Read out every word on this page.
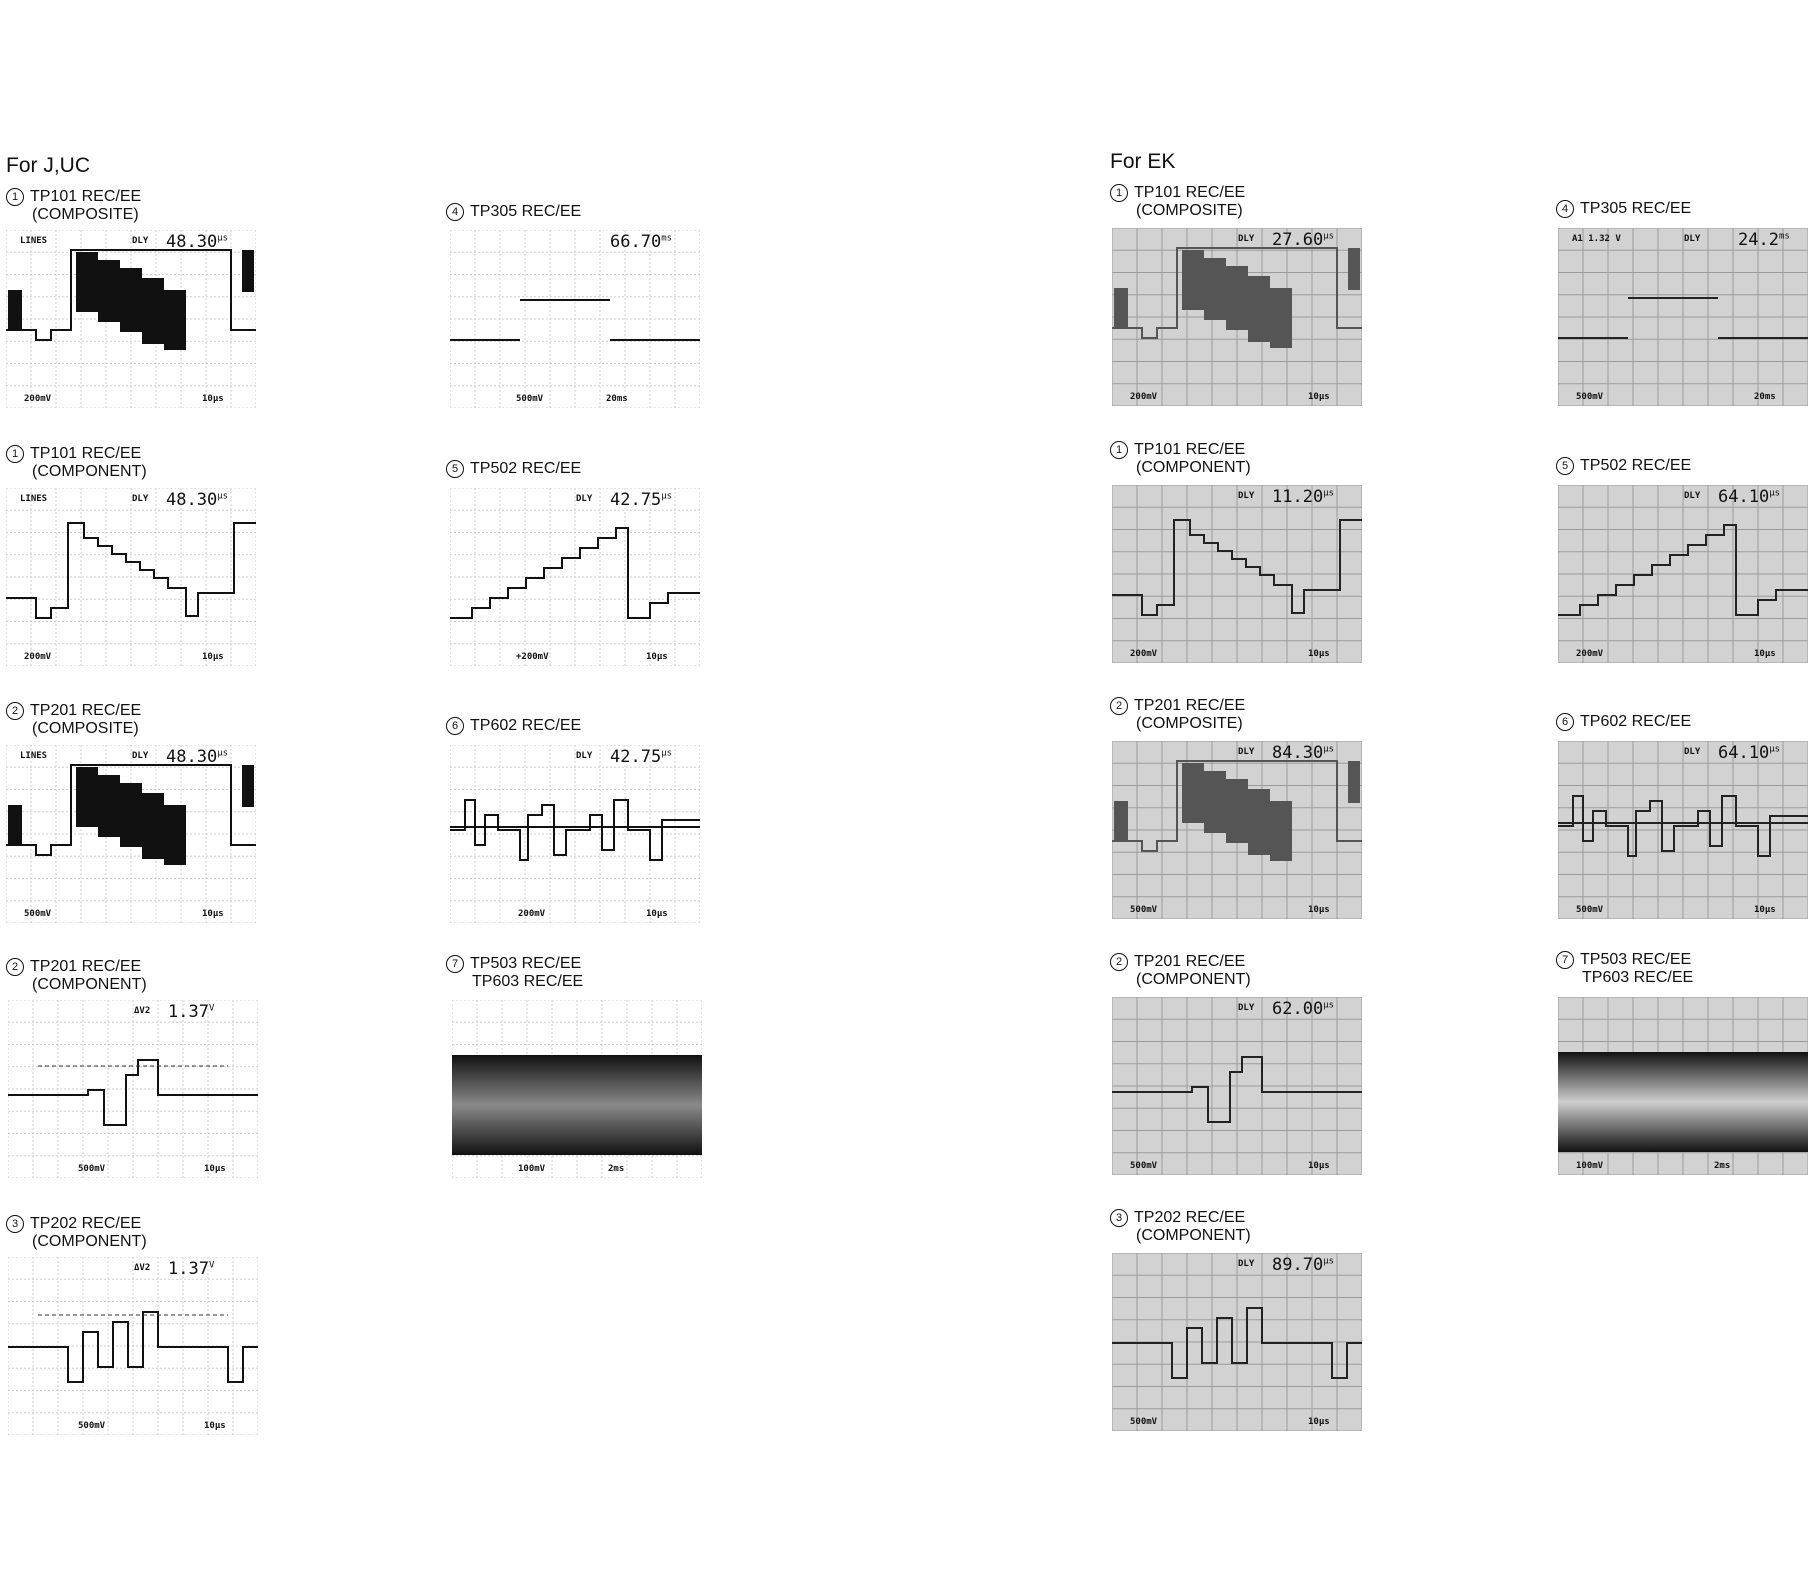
For J,UC	For EK
1 TP101 REC/EE
(COMPOSITE)
LINES	DLY $48.30^{\mu s}$
200mV	10µs
1 TP101 REC/EE
(COMPONENT)
LINES	DLY $48.30^{\mu s}$
200mV	10µs
2 TP201 REC/EE
(COMPOSITE)
LINES	DLY $48.30^{\mu s}$
500mV	10µs
2 TP201 REC/EE
(COMPONENT)
ΔV2 $1.37^V$
500mV	10µs
3 TP202 REC/EE
(COMPONENT)
ΔV2 $1.37^V$
500mV	10µs
4 TP305 REC/EE
$66.70^{ms}$
500mV	20ms
5 TP502 REC/EE
DLY $42.75^{\mu s}$
+200mV	10µs
6 TP602 REC/EE
DLY $42.75^{\mu s}$
200mV	10µs
7 TP503 REC/EE
TP603 REC/EE
100mV	2ms
1 TP101 REC/EE
(COMPOSITE)
DLY $27.60^{\mu s}$
200mV	10µs
1 TP101 REC/EE
(COMPONENT)
DLY $11.20^{\mu s}$
200mV	10µs
2 TP201 REC/EE
(COMPOSITE)
DLY $84.30^{\mu s}$
500mV	10µs
2 TP201 REC/EE
(COMPONENT)
DLY $62.00^{\mu s}$
500mV	10µs
3 TP202 REC/EE
(COMPONENT)
DLY $89.70^{\mu s}$
500mV	10µs
4 TP305 REC/EE
A1 1.32 V	DLY $24.2^{ms}$
500mV	20ms
5 TP502 REC/EE
DLY $64.10^{\mu s}$
200mV	10µs
6 TP602 REC/EE
DLY $64.10^{\mu s}$
500mV	10µs
7 TP503 REC/EE
TP603 REC/EE
100mV	2ms
